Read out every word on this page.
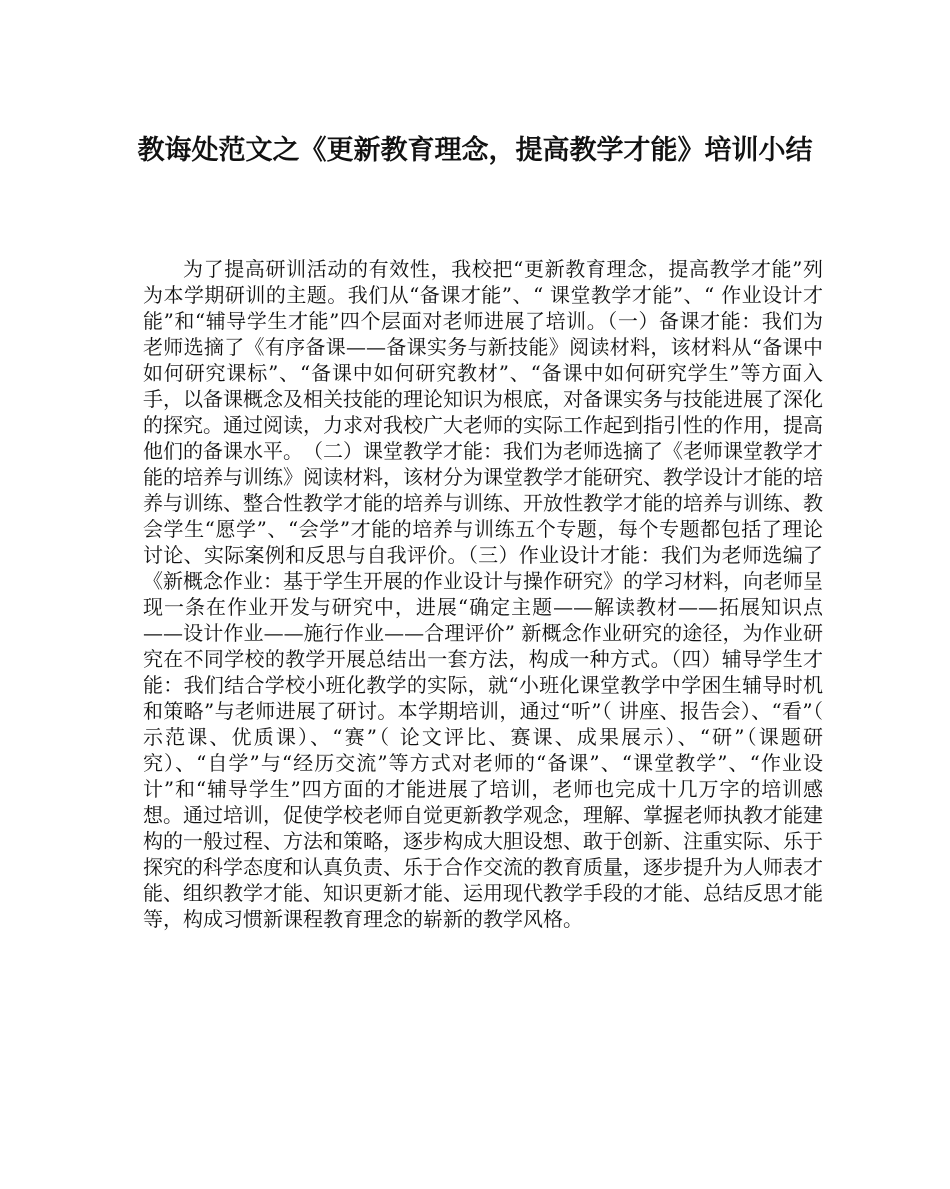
教诲处范文之《更新教育理念，提高教学才能》培训小结

为了提高研训活动的有效性，我校把“更新教育理念，提高教学才能”列为本学期研训的主题。我们从“备课才能”、“ 课堂教学才能”、“ 作业设计才能”和“辅导学生才能”四个层面对老师进展了培训。（一）备课才能：我们为老师选摘了《有序备课——备课实务与新技能》阅读材料，该材料从“备课中如何研究课标”、“备课中如何研究教材”、“备课中如何研究学生”等方面入手，以备课概念及相关技能的理论知识为根底，对备课实务与技能进展了深化的探究。通过阅读，力求对我校广大老师的实际工作起到指引性的作用，提高他们的备课水平。　（二）课堂教学才能：我们为老师选摘了《老师课堂教学才能的培养与训练》阅读材料，该材分为课堂教学才能研究、教学设计才能的培养与训练、整合性教学才能的培养与训练、开放性教学才能的培养与训练、教会学生“愿学”、“会学”才能的培养与训练五个专题，每个专题都包括了理论讨论、实际案例和反思与自我评价。（三）作业设计才能：我们为老师选编了《新概念作业：基于学生开展的作业设计与操作研究》的学习材料，向老师呈现一条在作业开发与研究中，进展“确定主题——解读教材——拓展知识点——设计作业——施行作业——合理评价” 新概念作业研究的途径，为作业研究在不同学校的教学开展总结出一套方法，构成一种方式。（四）辅导学生才能：我们结合学校小班化教学的实际，就“小班化课堂教学中学困生辅导时机和策略”与老师进展了研讨。本学期培训，通过“听”（ 讲座、报告会）、“看”（ 示范课、优质课）、“赛”（ 论文评比、赛课、成果展示）、“研”（课题研究）、“自学”与“经历交流”等方式对老师的“备课”、“课堂教学”、“作业设计”和“辅导学生”四方面的才能进展了培训，老师也完成十几万字的培训感想。通过培训，促使学校老师自觉更新教学观念，理解、掌握老师执教才能建构的一般过程、方法和策略，逐步构成大胆设想、敢于创新、注重实际、乐于探究的科学态度和认真负责、乐于合作交流的教育质量，逐步提升为人师表才能、组织教学才能、知识更新才能、运用现代教学手段的才能、总结反思才能等，构成习惯新课程教育理念的崭新的教学风格。
